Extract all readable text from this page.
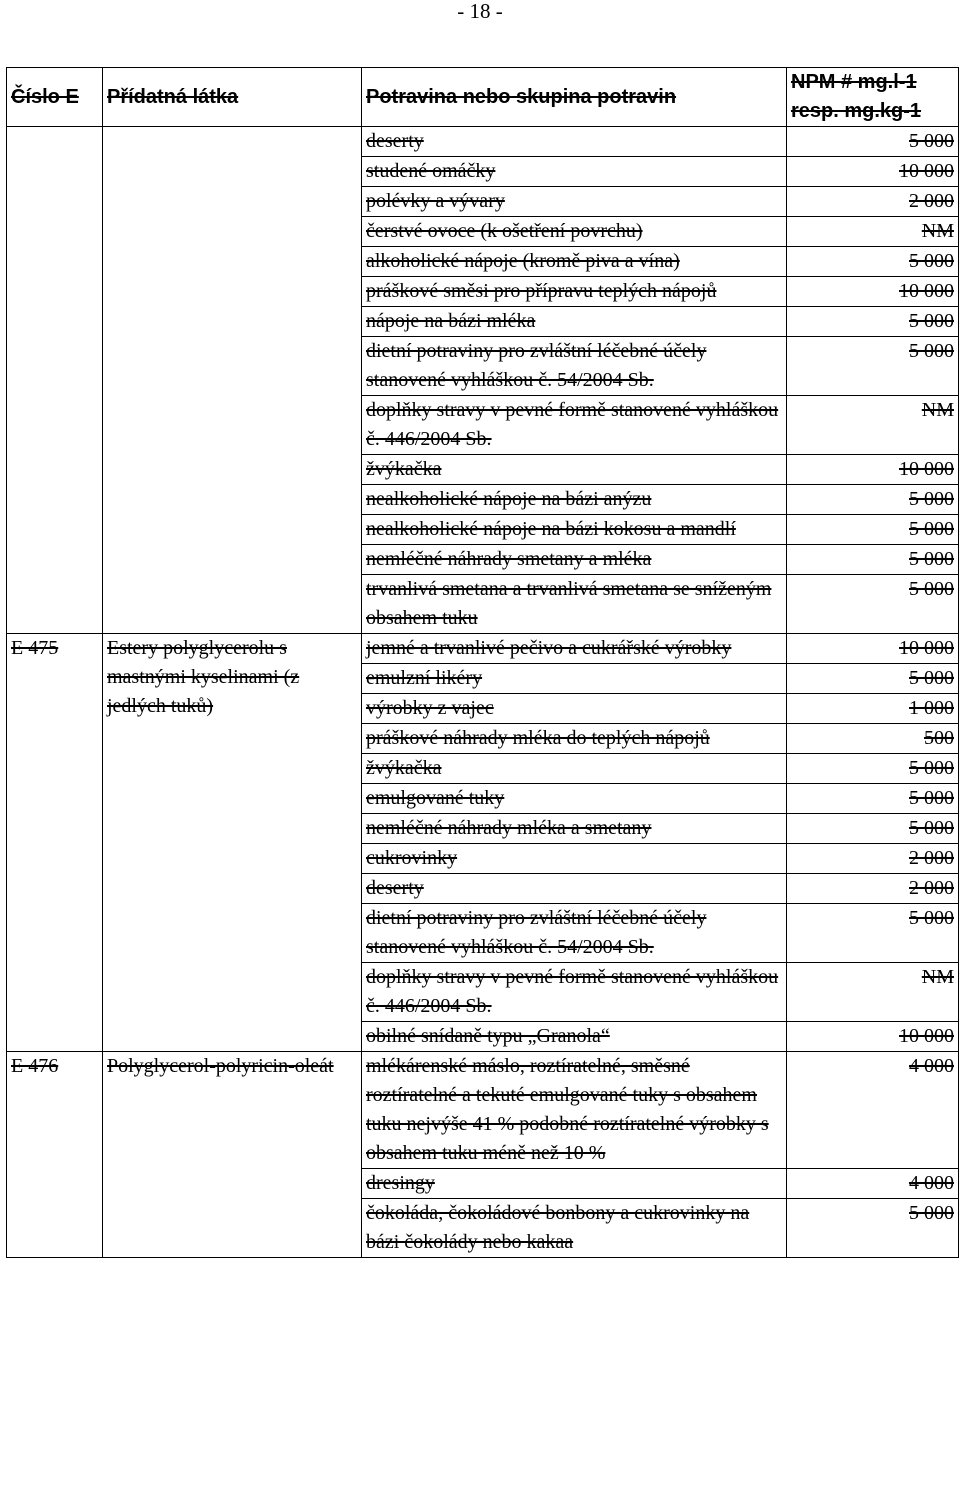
- 18 -
Číslo E	Přídatná látka	Potravina nebo skupina potravin	NPM # mg.l-1
resp. mg.kg-1

		deserty	5 000
		studené omáčky	10 000
		polévky a vývary	2 000
		čerstvé ovoce (k ošetření povrchu)	NM
		alkoholické nápoje (kromě piva a vína)	5 000
		práškové směsi pro přípravu teplých nápojů	10 000
		nápoje na bázi mléka	5 000
		dietní potraviny pro zvláštní léčebné účely stanovené vyhláškou č. 54/2004 Sb.	5 000
		doplňky stravy v pevné formě stanovené vyhláškou č. 446/2004 Sb.	NM
		žvýkačka	10 000
		nealkoholické nápoje na bázi anýzu	5 000
		nealkoholické nápoje na bázi kokosu a mandlí	5 000
		nemléčné náhrady smetany a mléka	5 000
		trvanlivá smetana a trvanlivá smetana se sníženým obsahem tuku	5 000
E 475	Estery polyglycerolu s mastnými kyselinami (z jedlých tuků)	jemné a trvanlivé pečivo a cukrářské výrobky	10 000
		emulzní likéry	5 000
		výrobky z vajec	1 000
		práškové náhrady mléka do teplých nápojů	500
		žvýkačka	5 000
		emulgované tuky	5 000
		nemléčné náhrady mléka a smetany	5 000
		cukrovinky	2 000
		deserty	2 000
		dietní potraviny pro zvláštní léčebné účely stanovené vyhláškou č. 54/2004 Sb.	5 000
		doplňky stravy v pevné formě stanovené vyhláškou č. 446/2004 Sb.	NM
		obilné snídaně typu „Granola“	10 000
E 476	Polyglycerol-polyricin-oleát	mlékárenské máslo, roztíratelné, směsné roztíratelné a tekuté emulgované tuky s obsahem tuku nejvýše 41 % podobné roztíratelné výrobky s obsahem tuku méně než 10 %	4 000
		dresingy	4 000
		čokoláda, čokoládové bonbony a cukrovinky na bázi čokolády nebo kakaa	5 000
